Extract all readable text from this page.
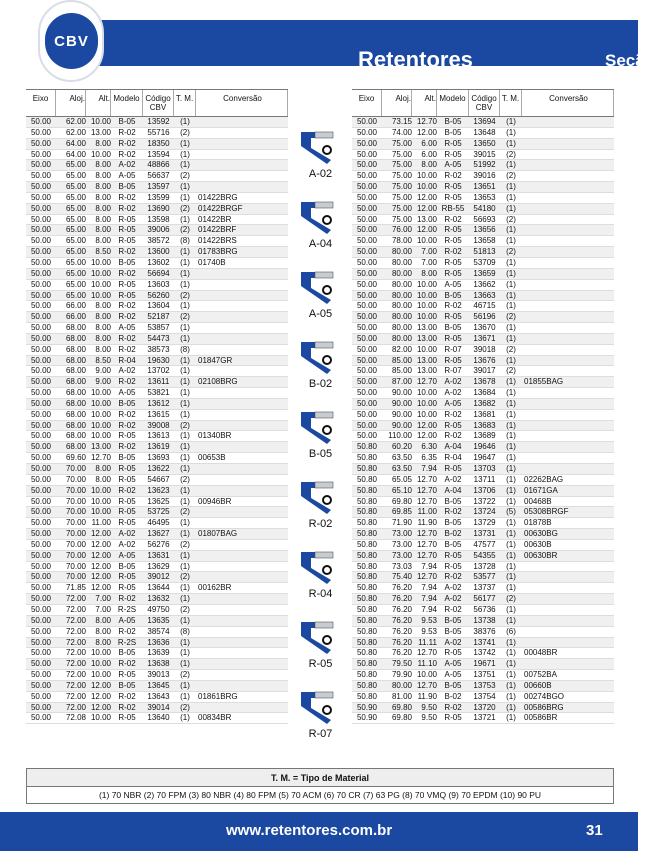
Retentores	Seção 001
CBV
Eixo	Aloj.	Alt. Modelo Código CBV
T. M.	Conversão
50.00	62.00 10.00 B-05	13592	(1)
50.00	62.00 13.00 R-02	55716	(2)
50.00	64.00	8.00 R-02	18350	(1)
50.00	64.00 10.00 R-02	13594	(1)
50.00	65.00	8.00 A-02	48866	(1)
50.00	65.00	8.00 A-05	56637	(2)
50.00	65.00	8.00 B-05	13597	(1)
50.00	65.00	8.00 R-02	13599	(1)	01422BRG
50.00	65.00	8.00 R-02	13690	(2)	01422BRGF
50.00	65.00	8.00 R-05	13598	(1)	01422BR
50.00	65.00	8.00 R-05	39006	(2)	01422BRF
50.00	65.00	8.00 R-05	38572	(8)	01422BRS
50.00	65.00	8.50 R-02	13600	(1)	01783BRG
50.00	65.00 10.00 B-05	13602	(1)	01740B
50.00	65.00 10.00 R-02	56694	(1)
50.00	65.00 10.00 R-05	13603	(1)
50.00	65.00 10.00 R-05	56260	(2)
50.00	66.00	8.00 R-02	13604	(1)
50.00	66.00	8.00 R-02	52187	(2)
50.00	68.00	8.00 A-05	53857	(1)
50.00	68.00	8.00 R-02	54473	(1)
50.00	68.00	8.00 R-02	38573	(8)
50.00	68.00	8.50 R-04	19630	(1)	01847GR
50.00	68.00	9.00 A-02	13702	(1)
50.00	68.00	9.00 R-02	13611	(1)	02108BRG
50.00	68.00 10.00 A-05	53821	(1)
50.00	68.00 10.00 B-05	13612	(1)
50.00	68.00 10.00 R-02	13615	(1)
50.00	68.00 10.00 R-02	39008	(2)
50.00	68.00 10.00 R-05	13613	(1)	01340BR
50.00	68.00 13.00 R-02	13619	(1)
50.00	69.60 12.70 B-05	13693	(1)	00653B
50.00	70.00	8.00 R-05	13622	(1)
50.00	70.00	8.00 R-05	54667	(2)
50.00	70.00 10.00 R-02	13623	(1)
50.00	70.00 10.00 R-05	13625	(1)	00946BR
50.00	70.00 10.00 R-05	53725	(2)
50.00	70.00 11.00 R-05	46495	(1)
50.00	70.00 12.00 A-02	13627	(1)	01807BAG
50.00	70.00 12.00 A-02	56276	(2)
50.00	70.00 12.00 A-05	13631	(1)
50.00	70.00 12.00 B-05	13629	(1)
50.00	70.00 12.00 R-05	39012	(2)
50.00	71.85 12.00 R-05	13644	(1)	00162BR
50.00	72.00	7.00 R-02	13632	(1)
50.00	72.00	7.00 R-2S	49750	(2)
50.00	72.00	8.00 A-05	13635	(1)
50.00	72.00	8.00 R-02	38574	(8)
50.00	72.00	8.00 R-2S	13636	(1)
50.00	72.00 10.00 B-05	13639	(1)
50.00	72.00 10.00 R-02	13638	(1)
50.00	72.00 10.00 R-05	39013	(2)
50.00	72.00 12.00 B-05	13645	(1)
50.00	72.00 12.00 R-02	13643	(1)	01861BRG
50.00	72.00 12.00 R-02	39014	(2)
50.00	72.08 10.00 R-05	13640	(1)	00834BR
Eixo	Aloj.	Alt. Modelo Código CBV
T. M.	Conversão
50.00	73.15 12.70 B-05	13694	(1)
50.00	74.00 12.00 B-05	13648	(1)
50.00	75.00	6.00 R-05	13650	(1)
50.00	75.00	6.00 R-05	39015	(2)
50.00	75.00	8.00 A-05	51992	(1)
50.00	75.00 10.00 R-02	39016	(2)
50.00	75.00 10.00 R-05	13651	(1)
50.00	75.00 12.00 R-05	13653	(1)
50.00	75.00 12.00 RB-55	54180	(1)
50.00	75.00 13.00 R-02	56693	(2)
50.00	76.00 12.00 R-05	13656	(1)
50.00	78.00 10.00 R-05	13658	(1)
50.00	80.00	7.00 R-02	51813	(2)
50.00	80.00	7.00 R-05	53709	(1)
50.00	80.00	8.00 R-05	13659	(1)
50.00	80.00 10.00 A-05	13662	(1)
50.00	80.00 10.00 B-05	13663	(1)
50.00	80.00 10.00 R-02	46715	(1)
50.00	80.00 10.00 R-05	56196	(2)
50.00	80.00 13.00 B-05	13670	(1)
50.00	80.00 13.00 R-05	13671	(1)
50.00	82.00 10.00 R-07	39018	(2)
50.00	85.00 13.00 R-05	13676	(1)
50.00	85.00 13.00 R-07	39017	(2)
50.00	87.00 12.70 A-02	13678	(1)	01855BAG
50.00	90.00 10.00 A-02	13684	(1)
50.00	90.00 10.00 A-05	13682	(1)
50.00	90.00 10.00 R-02	13681	(1)
50.00	90.00 12.00 R-05	13683	(1)
50.00	110.00 12.00 R-02	13689	(1)
50.80	60.20	6.30 A-04	19646	(1)
50.80	63.50	6.35 R-04	19647	(1)
50.80	63.50	7.94 R-05	13703	(1)
50.80	65.05 12.70 A-02	13711	(1)	02262BAG
50.80	65.10 12.70 A-04	13706	(1)	01671GA
50.80	69.80 12.70 B-05	13722	(1)	00468B
50.80	69.85 11.00 R-02	13724	(5)	05308BRGF
50.80	71.90 11.90 B-05	13729	(1)	01878B
50.80	73.00 12.70 B-02	13731	(1)	00630BG
50.80	73.00 12.70 B-05	47577	(1)	00630B
50.80	73.00 12.70 R-05	54355	(1)	00630BR
50.80	73.03	7.94 R-05	13728	(1)
50.80	75.40 12.70 R-02	53577	(1)
50.80	76.20	7.94 A-02	13737	(1)
50.80	76.20	7.94 A-02	56177	(2)
50.80	76.20	7.94 R-02	56736	(1)
50.80	76.20	9.53 B-05	13738	(1)
50.80	76.20	9.53 B-05	38376	(6)
50.80	76.20 11.11 A-02	13741	(1)
50.80	76.20 12.70 R-05	13742	(1)	00048BR
50.80	79.50 11.10 A-05	19671	(1)
50.80	79.90 10.00 A-05	13751	(1)	00752BA
50.80	80.00 12.70 B-05	13753	(1)	00660B
50.80	81.00 11.90 B-02	13754	(1)	00274BGO
50.90	69.80	9.50 R-02	13720	(1)	00586BRG
50.90	69.80	9.50 R-05	13721	(1)	00586BR
A-02
A-04
A-05
B-02
B-05
R-02
R-04
R-05
R-07
T. M. = Tipo de Material
(1) 70 NBR (2) 70 FPM (3) 80 NBR (4) 80 FPM (5) 70 ACM (6) 70 CR (7) 63 PG (8) 70 VMQ (9) 70 EPDM (10) 90 PU
www.retentores.com.br	31
